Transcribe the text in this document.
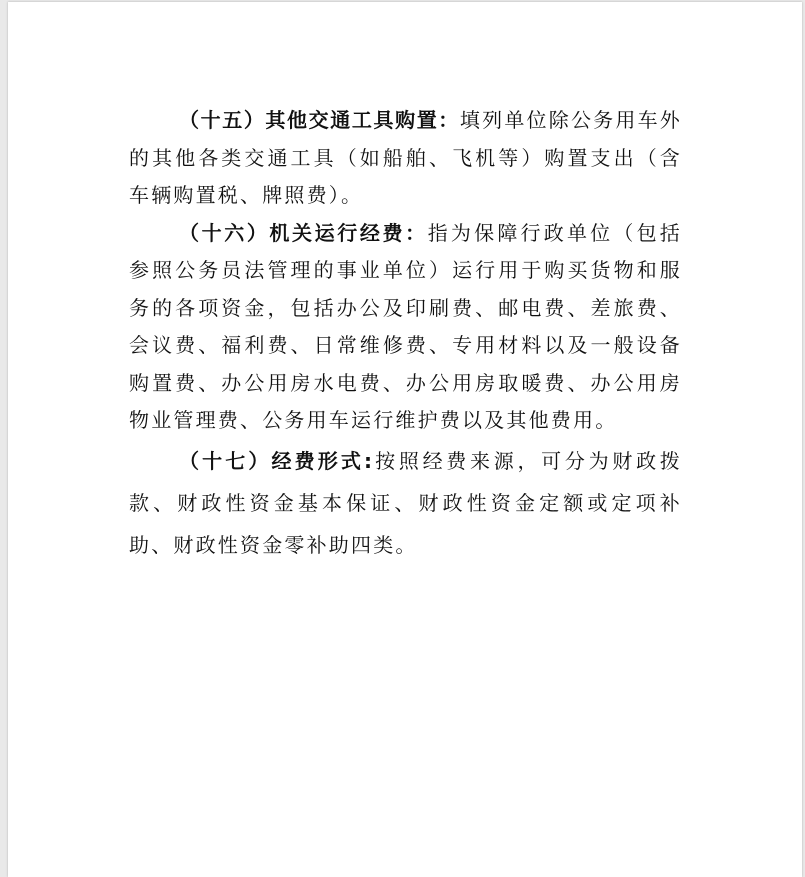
（十五）其他交通工具购置：填列单位除公务用车外的其他各类交通工具（如船舶、飞机等）购置支出（含车辆购置税、牌照费）。

（十六）机关运行经费：指为保障行政单位（包括参照公务员法管理的事业单位）运行用于购买货物和服务的各项资金，包括办公及印刷费、邮电费、差旅费、会议费、福利费、日常维修费、专用材料以及一般设备购置费、办公用房水电费、办公用房取暖费、办公用房物业管理费、公务用车运行维护费以及其他费用。

（十七）经费形式:按照经费来源，可分为财政拨款、财政性资金基本保证、财政性资金定额或定项补助、财政性资金零补助四类。
